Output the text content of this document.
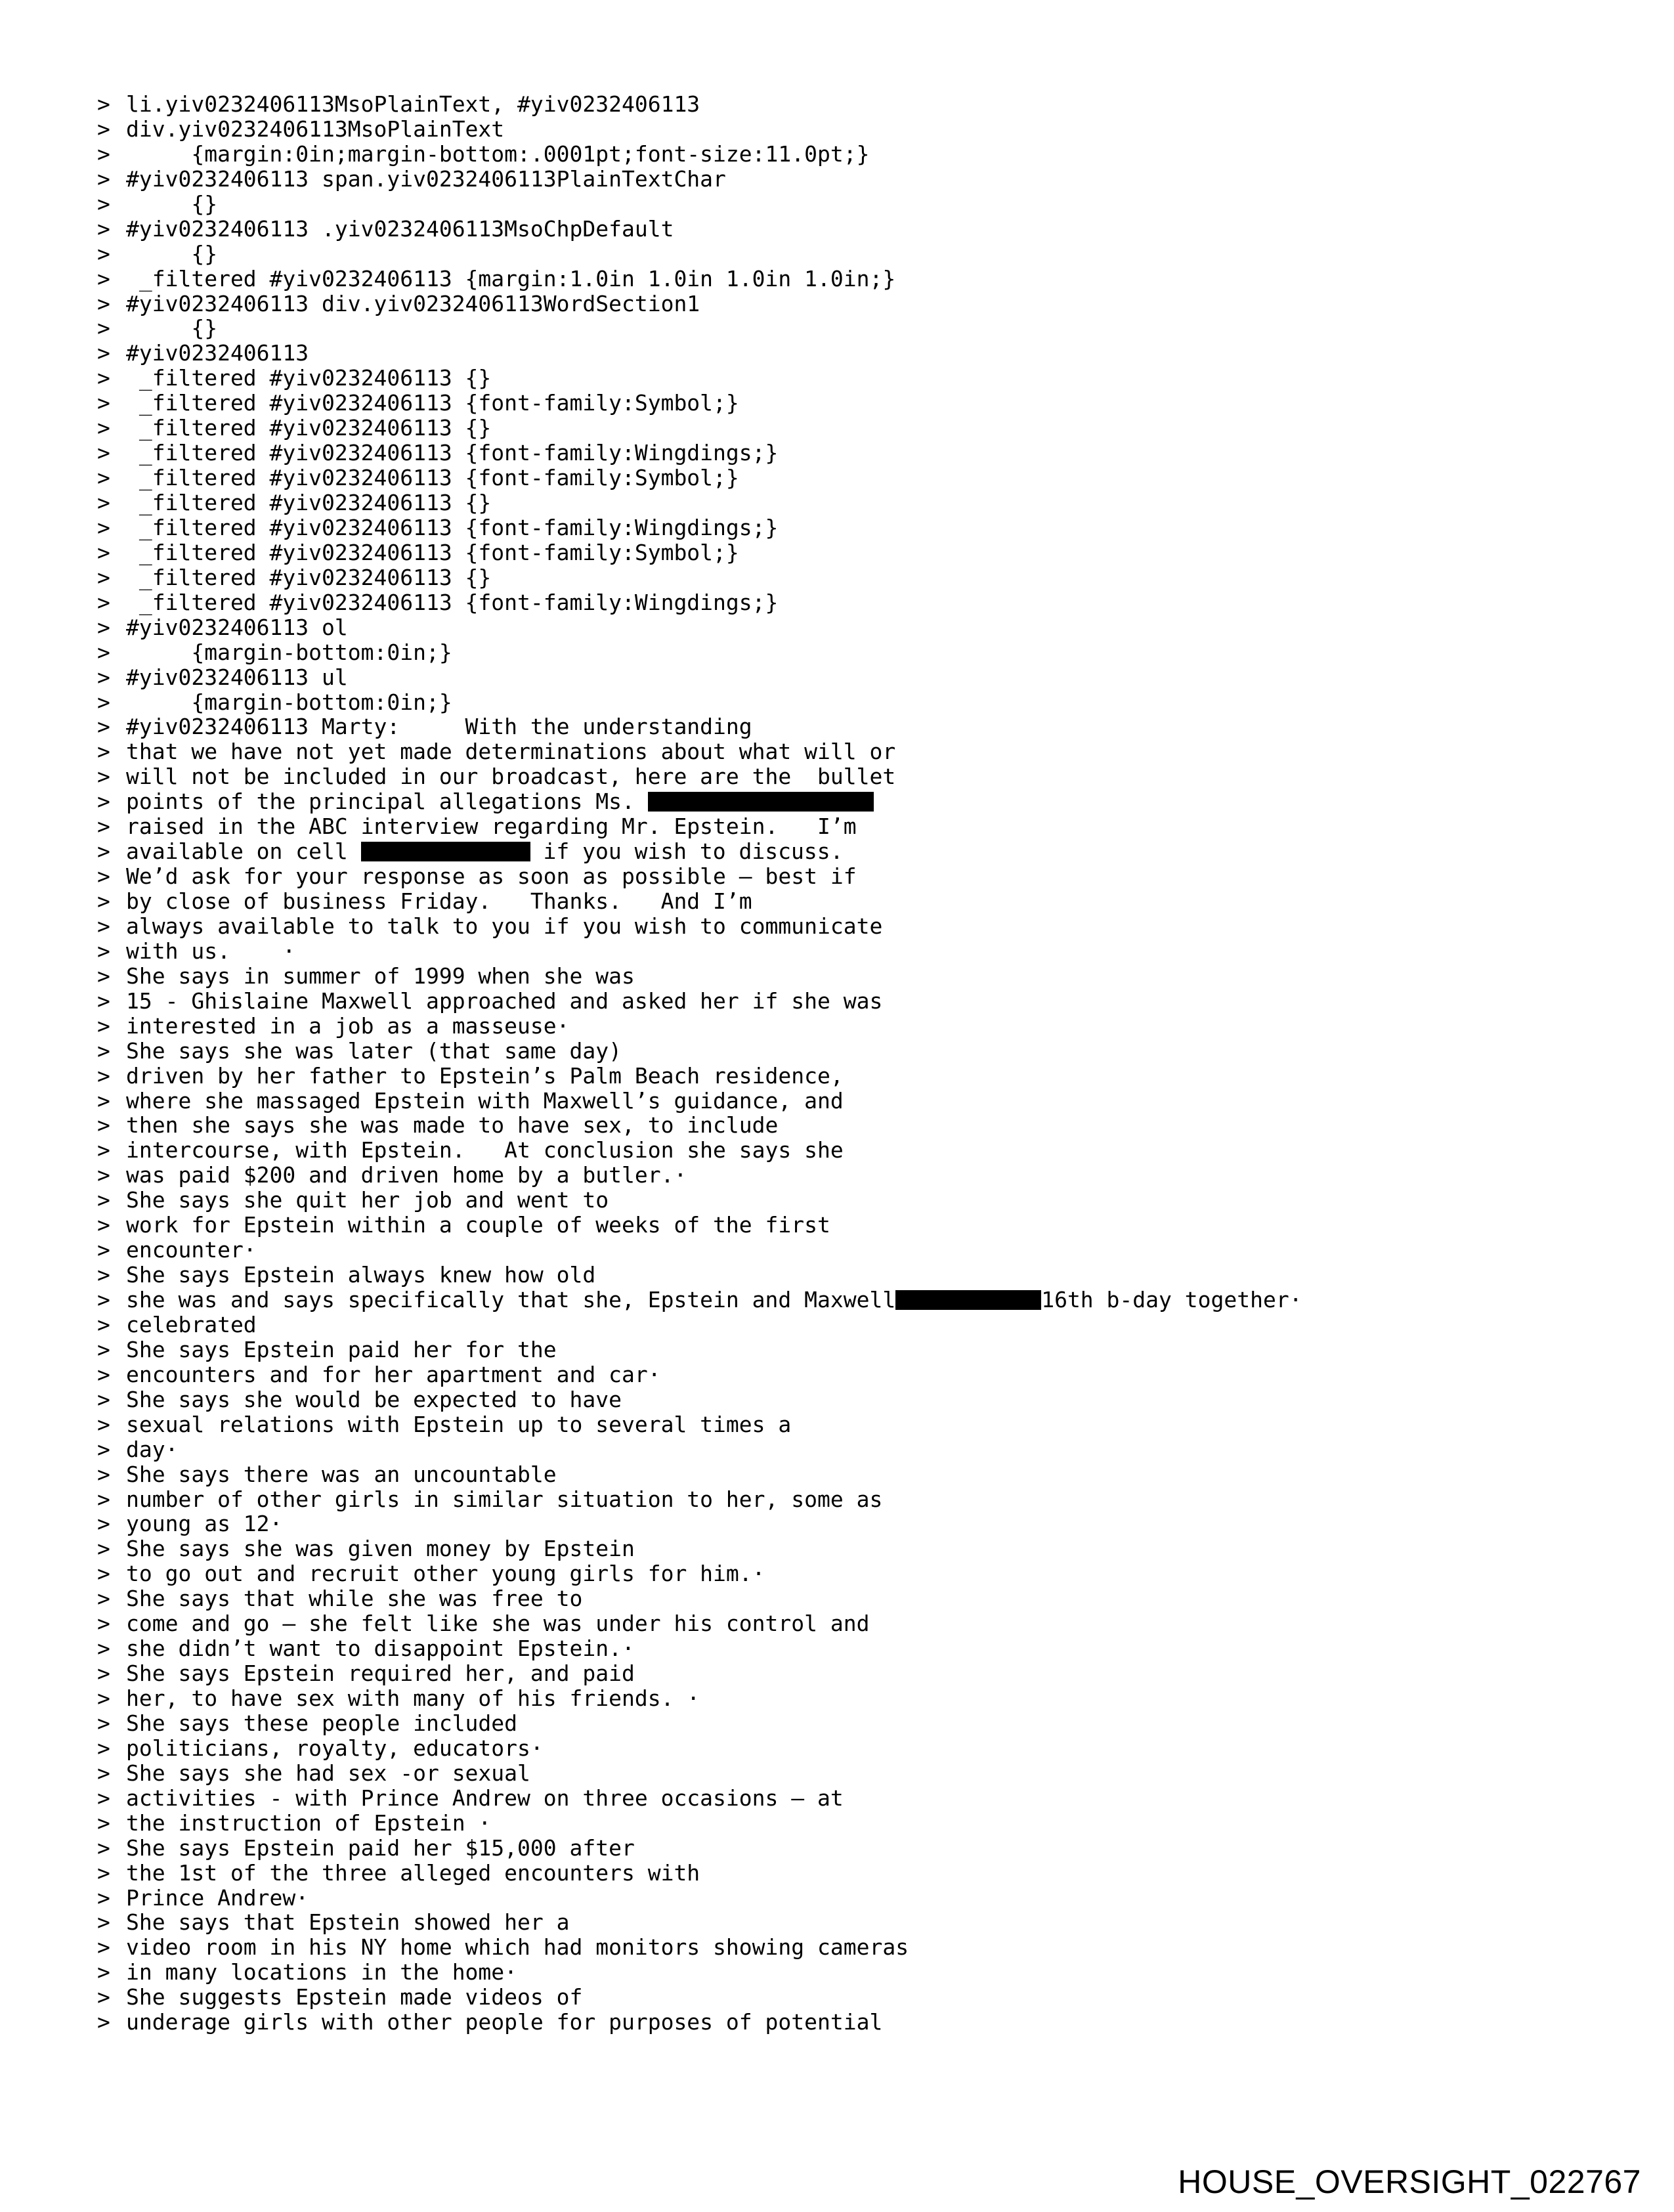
> li.yiv0232406113MsoPlainText, #yiv0232406113
> div.yiv0232406113MsoPlainText
>     {margin:0in;margin-bottom:.0001pt;font-size:11.0pt;}
> #yiv0232406113 span.yiv0232406113PlainTextChar
>     {}
> #yiv0232406113 .yiv0232406113MsoChpDefault
>     {}
> _filtered #yiv0232406113 {margin:1.0in 1.0in 1.0in 1.0in;}
> #yiv0232406113 div.yiv0232406113WordSection1
>     {}
> #yiv0232406113
> _filtered #yiv0232406113 {}
> _filtered #yiv0232406113 {font-family:Symbol;}
> _filtered #yiv0232406113 {}
> _filtered #yiv0232406113 {font-family:Wingdings;}
> _filtered #yiv0232406113 {font-family:Symbol;}
> _filtered #yiv0232406113 {}
> _filtered #yiv0232406113 {font-family:Wingdings;}
> _filtered #yiv0232406113 {font-family:Symbol;}
> _filtered #yiv0232406113 {}
> _filtered #yiv0232406113 {font-family:Wingdings;}
> #yiv0232406113 ol
>     {margin-bottom:0in;}
> #yiv0232406113 ul
>     {margin-bottom:0in;}
> #yiv0232406113 Marty:     With the understanding
> that we have not yet made determinations about what will or
> will not be included in our broadcast, here are the  bullet
> points of the principal allegations Ms.
> raised in the ABC interview regarding Mr. Epstein.   I’m
> available on cell	if you wish to discuss.
> We’d ask for your response as soon as possible – best if
> by close of business Friday.   Thanks.   And I’m
> always available to talk to you if you wish to communicate
> with us.    ·
> She says in summer of 1999 when she was
> 15 - Ghislaine Maxwell approached and asked her if she was
> interested in a job as a masseuse·
> She says she was later (that same day)
> driven by her father to Epstein’s Palm Beach residence,
> where she massaged Epstein with Maxwell’s guidance, and
> then she says she was made to have sex, to include
> intercourse, with Epstein.   At conclusion she says she
> was paid $200 and driven home by a butler.·
> She says she quit her job and went to
> work for Epstein within a couple of weeks of the first
> encounter·
> She says Epstein always knew how old
> she was and says specifically that she, Epstein and Maxwell	16th b-day together·
> celebrated
> She says Epstein paid her for the
> encounters and for her apartment and car·
> She says she would be expected to have
> sexual relations with Epstein up to several times a
> day·
> She says there was an uncountable
> number of other girls in similar situation to her, some as
> young as 12·
> She says she was given money by Epstein
> to go out and recruit other young girls for him.·
> She says that while she was free to
> come and go – she felt like she was under his control and
> she didn’t want to disappoint Epstein.·
> She says Epstein required her, and paid
> her, to have sex with many of his friends. ·
> She says these people included
> politicians, royalty, educators·
> She says she had sex -or sexual
> activities - with Prince Andrew on three occasions – at
> the instruction of Epstein ·
> She says Epstein paid her $15,000 after
> the 1st of the three alleged encounters with
> Prince Andrew·
> She says that Epstein showed her a
> video room in his NY home which had monitors showing cameras
> in many locations in the home·
> She suggests Epstein made videos of
> underage girls with other people for purposes of potential
HOUSE_OVERSIGHT_022767
